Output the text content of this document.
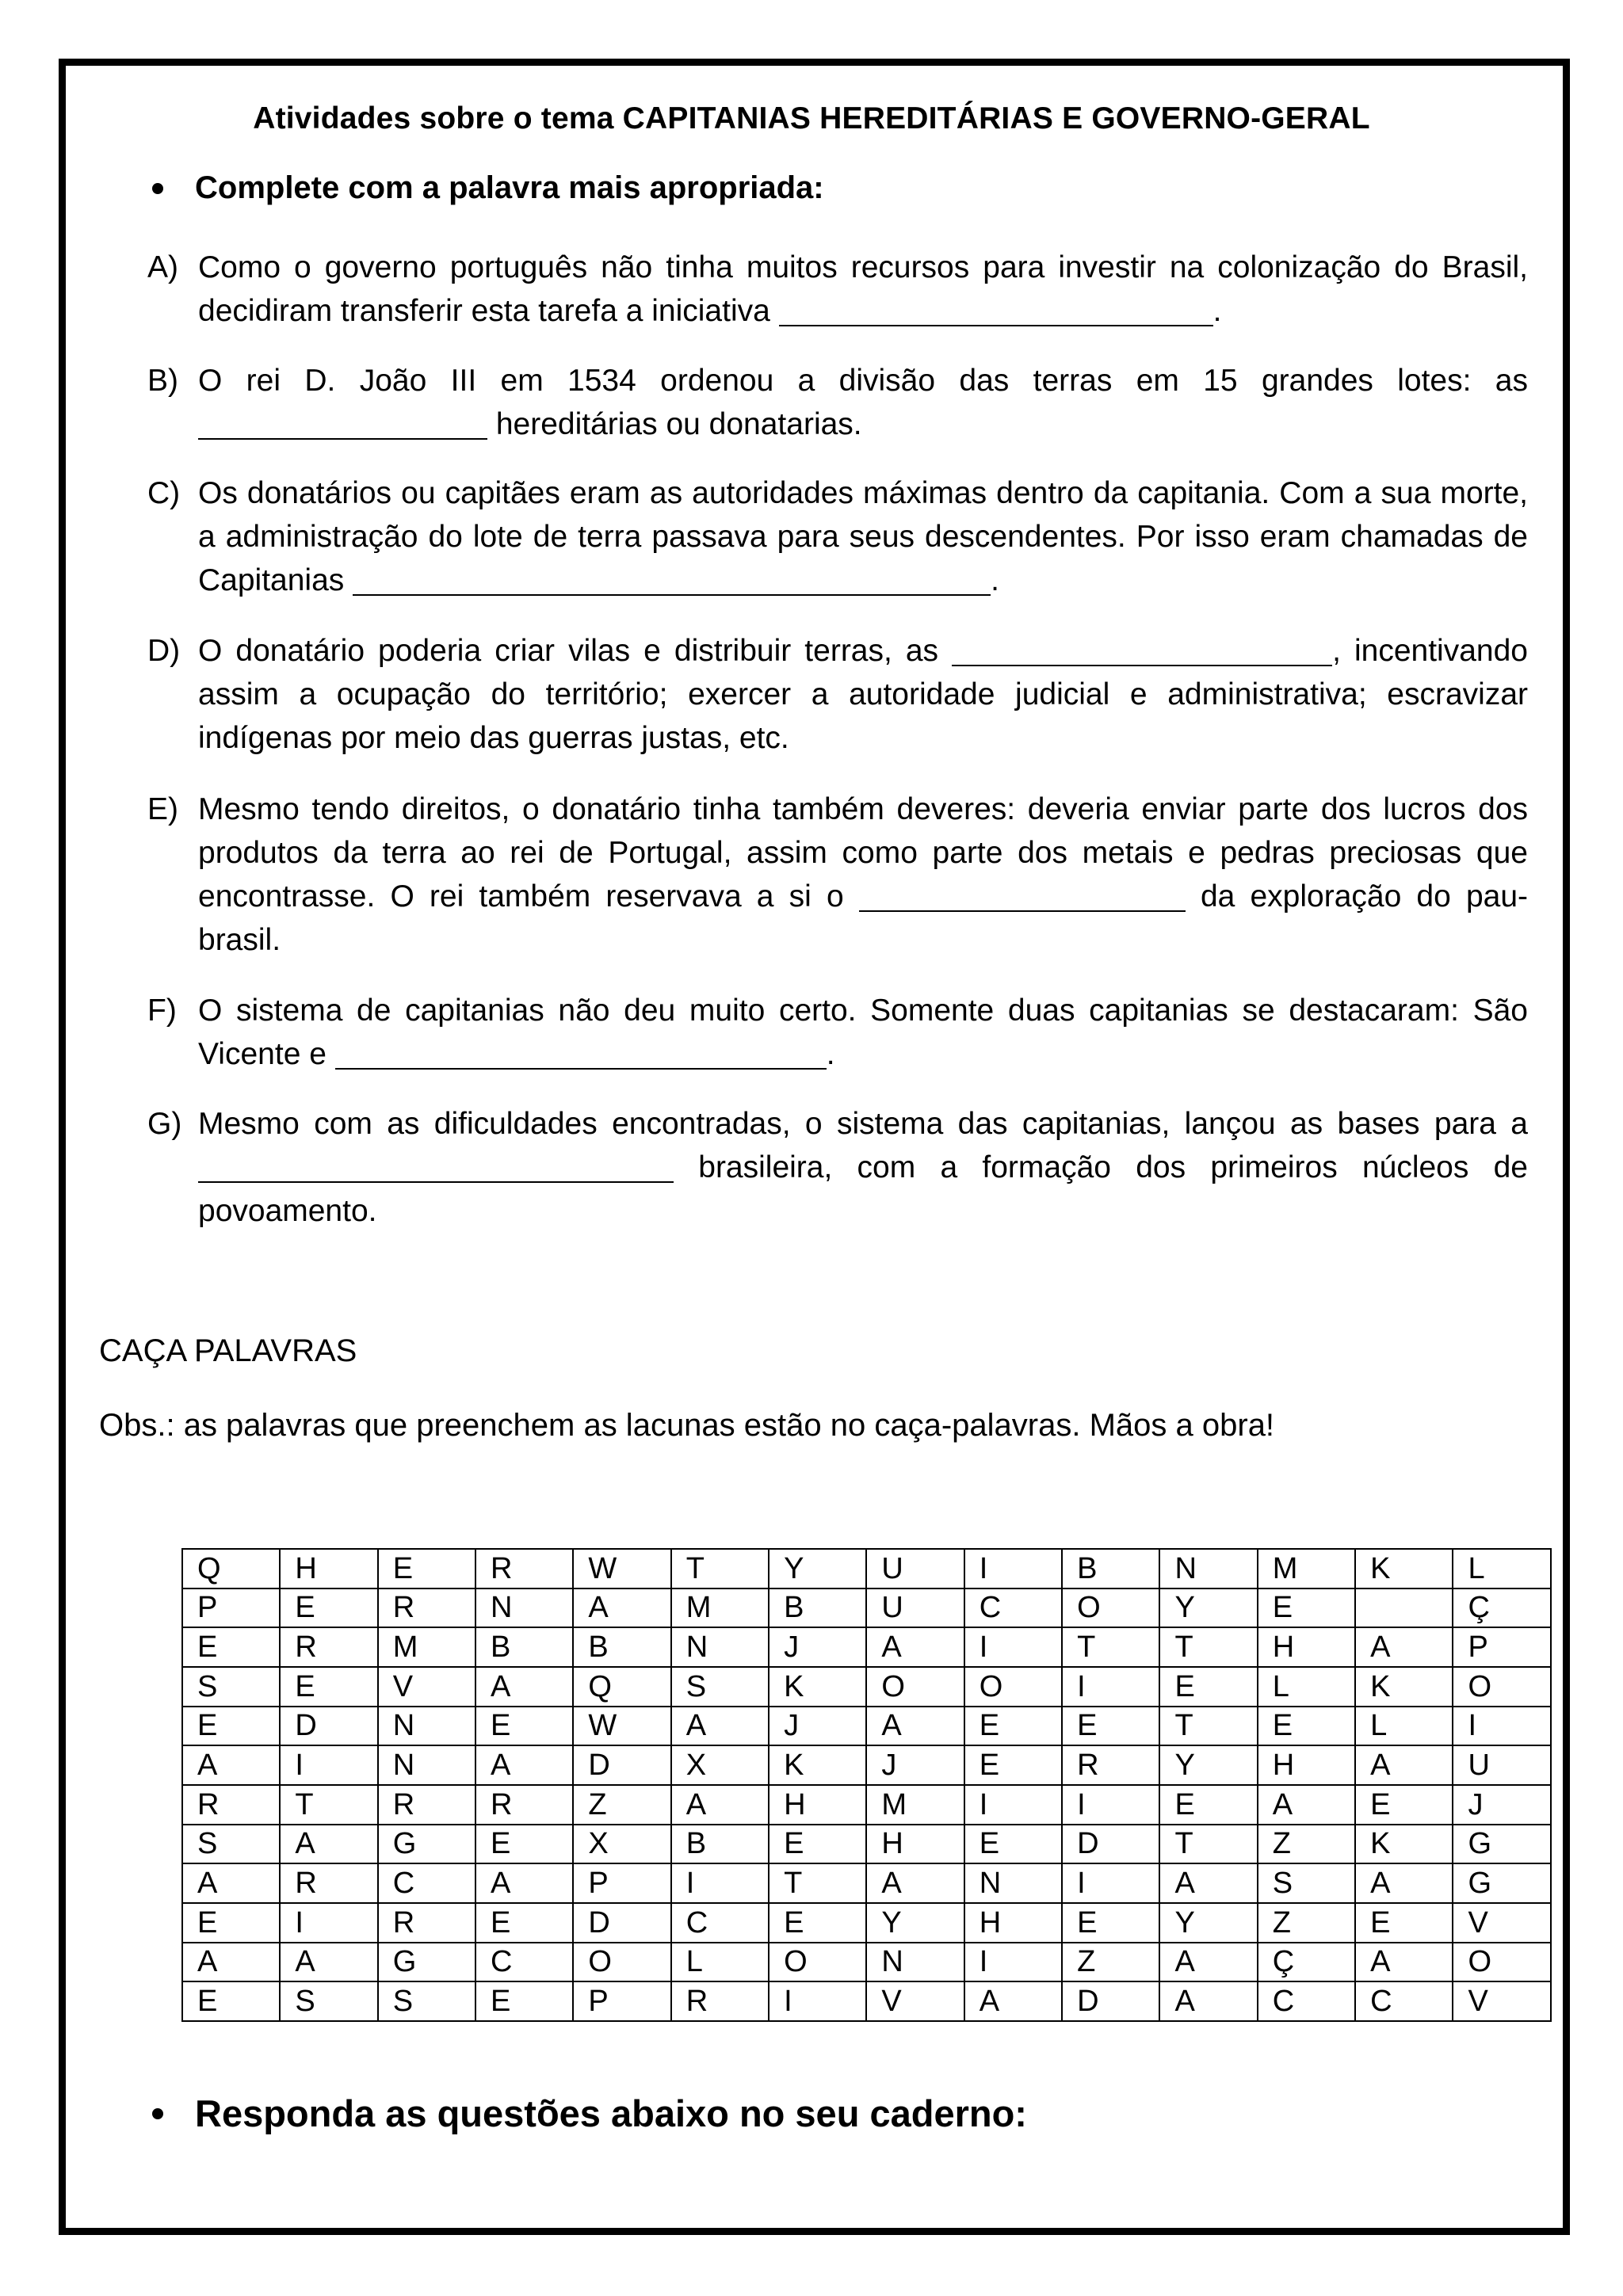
Atividades sobre o tema CAPITANIAS HEREDITÁRIAS E GOVERNO-GERAL
Complete com a palavra mais apropriada:
A) Como o governo português não tinha muitos recursos para investir na colonização do Brasil, decidiram transferir esta tarefa a iniciativa	.
B) O rei D. João III em 1534 ordenou a divisão das terras em 15 grandes lotes: as  hereditárias ou donatarias.
C) Os donatários ou capitães eram as autoridades máximas dentro da capitania. Com a sua morte, a administração do lote de terra passava para seus descendentes. Por isso eram chamadas de Capitanias	.
D) O donatário poderia criar vilas e distribuir terras, as	, incentivando assim a ocupação do território; exercer a autoridade judicial e administrativa; escravizar indígenas por meio das guerras justas, etc.
E) Mesmo tendo direitos, o donatário tinha também deveres: deveria enviar parte dos lucros dos produtos da terra ao rei de Portugal, assim como parte dos metais e pedras preciosas que encontrasse. O rei também reservava a si o	da exploração do pau-brasil.
F) O sistema de capitanias não deu muito certo. Somente duas capitanias se destacaram: São Vicente e	.
G) Mesmo com as dificuldades encontradas, o sistema das capitanias, lançou as bases para a  brasileira, com a formação dos primeiros núcleos de povoamento.
CAÇA PALAVRAS
Obs.: as palavras que preenchem as lacunas estão no caça-palavras. Mãos a obra!
Q	H	E	R	W	T	Y	U	I	B	N	M	K	L
P	E	R	N	A	M	B	U	C	O	Y	E		Ç
E	R	M	B	B	N	J	A	I	T	T	H	A	P
S	E	V	A	Q	S	K	O	O	I	E	L	K	O
E	D	N	E	W	A	J	A	E	E	T	E	L	I
A	I	N	A	D	X	K	J	E	R	Y	H	A	U
R	T	R	R	Z	A	H	M	I	I	E	A	E	J
S	A	G	E	X	B	E	H	E	D	T	Z	K	G
A	R	C	A	P	I	T	A	N	I	A	S	A	G
E	I	R	E	D	C	E	Y	H	E	Y	Z	E	V
A	A	G	C	O	L	O	N	I	Z	A	Ç	A	O
E	S	S	E	P	R	I	V	A	D	A	C	C	V
Responda as questões abaixo no seu caderno:
